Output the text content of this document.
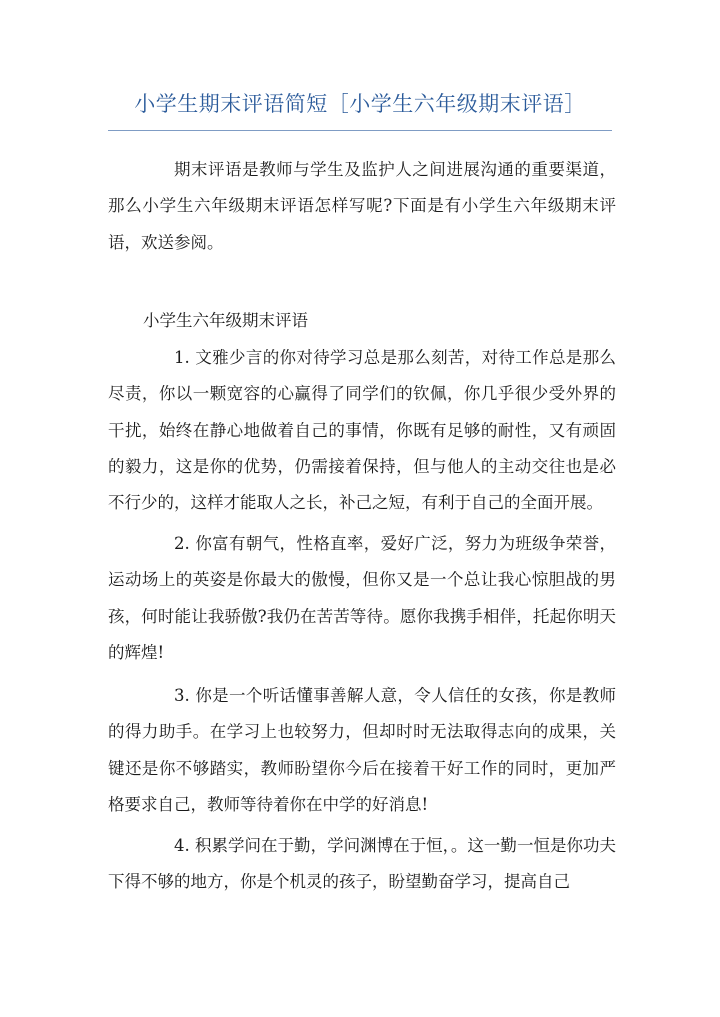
小学生期末评语简短［小学生六年级期末评语］

期末评语是教师与学生及监护人之间进展沟通的重要渠道，那么小学生六年级期末评语怎样写呢?下面是有小学生六年级期末评语，欢送参阅。

小学生六年级期末评语

1. 文雅少言的你对待学习总是那么刻苦，对待工作总是那么尽责，你以一颗宽容的心赢得了同学们的钦佩，你几乎很少受外界的干扰，始终在静心地做着自己的事情，你既有足够的耐性，又有顽固的毅力，这是你的优势，仍需接着保持，但与他人的主动交往也是必不行少的，这样才能取人之长，补己之短，有利于自己的全面开展。

2. 你富有朝气，性格直率，爱好广泛，努力为班级争荣誉，运动场上的英姿是你最大的傲慢，但你又是一个总让我心惊胆战的男孩，何时能让我骄傲?我仍在苦苦等待。愿你我携手相伴，托起你明天的辉煌!

3. 你是一个听话懂事善解人意，令人信任的女孩，你是教师的得力助手。在学习上也较努力，但却时时无法取得志向的成果，关键还是你不够踏实，教师盼望你今后在接着干好工作的同时，更加严格要求自己，教师等待着你在中学的好消息!

4. 积累学问在于勤，学问渊博在于恒，。这一勤一恒是你功夫下得不够的地方，你是个机灵的孩子，盼望勤奋学习，提高自己
